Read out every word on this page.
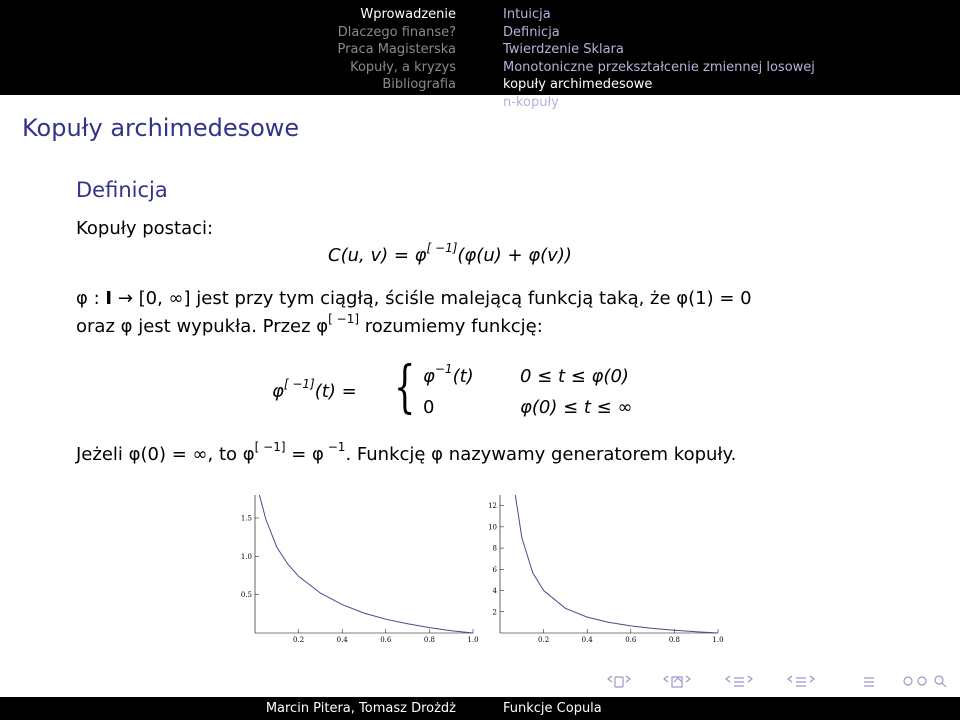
Wprowadzenie
Dlaczego finanse?
Praca Magisterska
Kopuły, a kryzys
Bibliografia
Intuicja
Definicja
Twierdzenie Sklara
Monotoniczne przekształcenie zmiennej losowej
kopuły archimedesowe
n-kopuły
Kopuły archimedesowe
Definicja
Kopuły postaci:
C(u, v) = φ[ −1](φ(u) + φ(v))
φ : I → [0, ∞] jest przy tym ciągłą, ściśle malejącą funkcją taką, że φ(1) = 0
oraz φ jest wypukła. Przez φ[ −1] rozumiemy funkcję:
φ[ −1](t) = { $\varphi^{-1}(t)$	0 ≤ t ≤ φ(0)
0	φ(0) ≤ t ≤ ∞
Jeżeli φ(0) = ∞, to φ[ −1] = φ $^{-1}$. Funkcję φ nazywamy generatorem kopuły.
0.2	0.4	0.6	0.8	1.0
0.5
1.0
1.5
0.2	0.4	0.6	0.8	1.0
2
4
6
8
10
12
Marcin Pitera, Tomasz Drożdż	Funkcje Copula
